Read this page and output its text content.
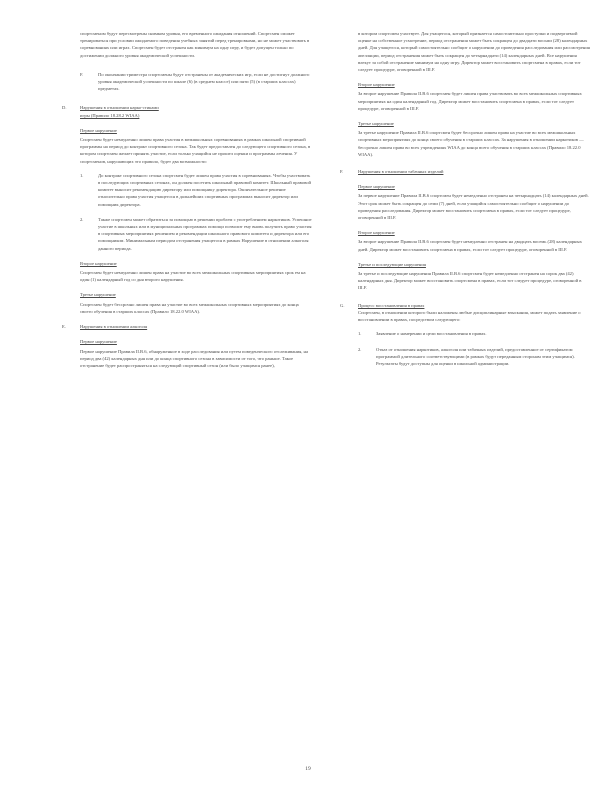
спортсменом будут пересмотрены снимком уровня, его временного ожидания отношений. Спортсмен сможет тренироваться при условии ожидаемого поведения учебных занятий перед тренировками, но не может участвовать в соревнованиях или играх. Спортсмен будет отстранен как минимум на одну игру, и будет допущен только по достижении должного уровня академической успешности.

F.	По окончании триместра спортсмены будут отстранены от академических игр, если не достигнут должного уровня академической успешности по шкале (6) (в среднем классе) или пяти (5) (в старших классах) предметах.

D.	Нарушения в отношении нарко-стиками

игры (Правило 18.28.2 WIAA)

Первое нарушение

Спортсмен будет немедленно лишен права участия в межшкольных соревнованиях в рамках школьной спортивной программы на период до контракт спортивного сезона. Так будет предоставлен до следующего спортивного сезона, в котором спортсмен желает принять участие, если только учащийся не прошел оценки и программы лечения. У спортсменов, нарушающих это правило, будет два возможности:

1.	До контракт спортивного сезона спортсмен будет лишен права участия в соревнованиях. Чтобы участвовать в последующих спортивных сезонах, он должен посетить школьный правовой комитет. Школьный правовой комитет выносит рекомендацию директору или помощнику директора. Окончательное решение относительно права участия учащегося в дальнейших спортивных программах выносит директор или помощник директора.

2.	Также спортсмен может обратиться за помощью в решении проблем с употреблением наркотиков. Успешное участие в школьных или в муниципальных программах помощи позволит ему вновь получить право участия в спортивных мероприятиях решением и рекомендации школьного правового комитета и директора или его помощником. Минимальным периодом отстранения учащегося в рамках Нарушение в отношении алкоголя данного периода.

Второе нарушение

Спортсмен будет немедленно лишен права на участие во всех межшкольных спортивных мероприятиях срок ем на один (1) календарный год со дня второго нарушения.

Третье нарушение

Спортсмен будет бессрочно лишен права на участие во всех межшкольных спортивных мероприятиях до конца своего обучения в старших классах (Правило 18.22.0 WIAA).

E.	Нарушения в отношении алкоголя

Первое нарушение

Первое нарушение Правила II.B.6, обнаруженное в ходе расследования или путем поведенческого отслеживания, на период два (42) календарных дня или до конца спортивного сезона в зависимости от того, что раньше. Такое отстранение будет распространяться на следующий спортивный сезон (или было учащимся ранее),

в котором спортсмен участвует. Для учащегося, который признается самостоятельно проступки и подвергаемой оценке на собственное усмотрение, период отстранения может быть сокращен до двадцати восьми (28) календарных дней. Для учащегося, который самостоятельно сообщит о нарушении до проведения расследования или рассмотрения апелляции, период отстранения может быть сокращен до четырнадцати (14) календарных дней. Все нарушения влекут за собой отстранение минимум на одну игру. Директор может восстановить спортсмена в правах, если тот следует процедуре, оговоренной в III.F.

Второе нарушение

За второе нарушение Правила II.B.6 спортсмен будет лишен права участвовать во всех межшкольных спортивных мероприятиях на один календарный год. Директор может восстановить спортсмена в правах, если тот следует процедуре, оговоренной в III.F.

Третье нарушение

За третье нарушение Правила II.B.6 спортсмен будет бессрочно лишен права на участие во всех межшкольных спортивных мероприятиях до конца своего обучения в старших классах. За нарушения в отношении наркотиков — бессрочно лишен права во всех учреждениях WIAA до конца всего обучения в старших классах (Правило 18.22.0 WIAA).

F.	Нарушения в отношении табачных изделий

Первое нарушение

За первое нарушение Правила II.B.6 спортсмен будет немедленно отстранен на четырнадцать (14) календарных дней. Этот срок может быть сокращен до семи (7) дней, если учащийся самостоятельно сообщит о нарушении до проведения расследования. Директор может восстановить спортсмена в правах, если тот следует процедуре, оговоренной в III.F.

Второе нарушение

За второе нарушение Правила II.B.6 спортсмен будет немедленно отстранен на двадцать восемь (28) календарных дней. Директор может восстановить спортсмена в правах, если тот следует процедуре, оговоренной в III.F.

Третье и последующие нарушения

За третье и последующие нарушения Правила II.B.6 спортсмен будет немедленно отстранен на сорок два (42) календарных дня. Директор может восстановить спортсмена в правах, если тот следует процедуре, оговоренной в III.F.

G.	Процесс восстановления в правах

Спортсмен, в отношении которого были наложены любые дисциплинарные взыскания, может подать заявление о восстановлении в правах, посредством следующего:

1.	Заявление о намерении и цели восстановления в правах.

2.	Отказ от отношения наркотиков, алкоголя или табачных изделий, предоставленное от сертификатом программой длительного соответствующими (в рамках будут переданным сторонам этим учащимся). Результаты будут доступны для оценки в школьной администрации.

19
